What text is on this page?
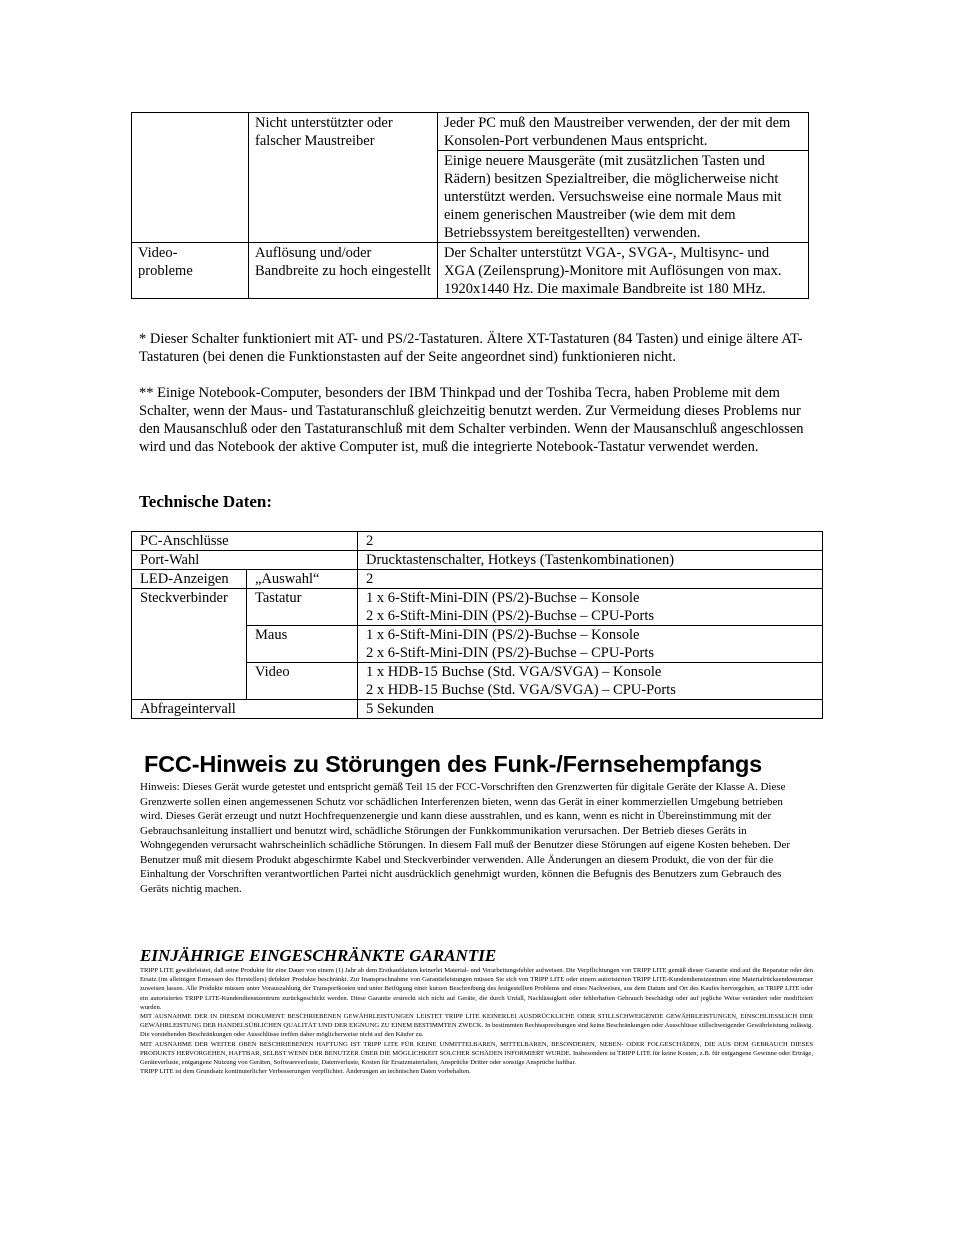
	Nicht unterstützter oder falscher Maustreiber	Jeder PC muß den Maustreiber verwenden, der der mit dem Konsolen-Port verbundenen Maus entspricht.
Einige neuere Mausgeräte (mit zusätzlichen Tasten und Rädern) besitzen Spezialtreiber, die möglicherweise nicht unterstützt werden. Versuchsweise eine normale Maus mit einem generischen Maustreiber (wie dem mit dem Betriebssystem bereitgestellten) verwenden.

Video-
probleme	Auflösung und/oder Bandbreite zu hoch eingestellt	Der Schalter unterstützt VGA-, SVGA-, Multisync- und XGA (Zeilensprung)-Monitore mit Auflösungen von max. 1920x1440 Hz. Die maximale Bandbreite ist 180 MHz.
* Dieser Schalter funktioniert mit AT- und PS/2-Tastaturen. Ältere XT-Tastaturen (84 Tasten) und einige ältere AT-Tastaturen (bei denen die Funktionstasten auf der Seite angeordnet sind) funktionieren nicht.
** Einige Notebook-Computer, besonders der IBM Thinkpad und der Toshiba Tecra, haben Probleme mit dem Schalter, wenn der Maus- und Tastaturanschluß gleichzeitig benutzt werden. Zur Vermeidung dieses Problems nur den Mausanschluß oder den Tastaturanschluß mit dem Schalter verbinden. Wenn der Mausanschluß angeschlossen wird und das Notebook der aktive Computer ist, muß die integrierte Notebook-Tastatur verwendet werden.
Technische Daten:
PC-Anschlüsse		2
Port-Wahl		Drucktastenschalter, Hotkeys (Tastenkombinationen)
LED-Anzeigen	„Auswahl“	2
Steckverbinder	Tastatur	1 x 6-Stift-Mini-DIN (PS/2)-Buchse – Konsole
2 x 6-Stift-Mini-DIN (PS/2)-Buchse – CPU-Ports

	Maus	1 x 6-Stift-Mini-DIN (PS/2)-Buchse – Konsole
2 x 6-Stift-Mini-DIN (PS/2)-Buchse – CPU-Ports

	Video	1 x HDB-15 Buchse (Std. VGA/SVGA) – Konsole
2 x HDB-15 Buchse (Std. VGA/SVGA) – CPU-Ports

Abfrageintervall		5 Sekunden
FCC-Hinweis zu Störungen des Funk-/Fernsehempfangs
Hinweis: Dieses Gerät wurde getestet und entspricht gemäß Teil 15 der FCC-Vorschriften den Grenzwerten für digitale Geräte der Klasse A. Diese Grenzwerte sollen einen angemessenen Schutz vor schädlichen Interferenzen bieten, wenn das Gerät in einer kommerziellen Umgebung betrieben wird. Dieses Gerät erzeugt und nutzt Hochfrequenzenergie und kann diese ausstrahlen, und es kann, wenn es nicht in Übereinstimmung mit der Gebrauchsanleitung installiert und benutzt wird, schädliche Störungen der Funkkommunikation verursachen. Der Betrieb dieses Geräts in Wohngegenden verursacht wahrscheinlich schädliche Störungen. In diesem Fall muß der Benutzer diese Störungen auf eigene Kosten beheben. Der Benutzer muß mit diesem Produkt abgeschirmte Kabel und Steckverbinder verwenden. Alle Änderungen an diesem Produkt, die von der für die Einhaltung der Vorschriften verantwortlichen Partei nicht ausdrücklich genehmigt wurden, können die Befugnis des Benutzers zum Gebrauch des Geräts nichtig machen.
EINJÄHRIGE EINGESCHRÄNKTE GARANTIE

TRIPP LITE gewährleistet, daß seine Produkte für eine Dauer von einem (1) Jahr ab dem Erstkaufdatum keinerlei Material- und Verarbeitungsfehler aufweisen. Die Verpflichtungen von TRIPP LITE gemäß dieser Garantie sind auf die Reparatur oder den Ersatz (im alleinigen Ermessen des Herstellers) defekter Produkte beschränkt. Zur Inanspruchnahme von Garantieleistungen müssen Sie sich von TRIPP LITE oder einem autorisierten TRIPP LITE-Kundendienstzentrum eine Materialrücksendenummer zuweisen lassen. Alle Produkte müssen unter Vorauszahlung der Transportkosten und unter Beifügung einer kurzen Beschreibung des festgestellten Problems und eines Nachweises, aus dem Datum und Ort des Kaufes hervorgehen, an TRIPP LITE oder ein autorisiertes TRIPP LITE-Kundendienstzentrum zurückgeschickt werden. Diese Garantie erstreckt sich nicht auf Geräte, die durch Unfall, Nachlässigkeit oder fehlerhaften Gebrauch beschädigt oder auf jegliche Weise verändert oder modifiziert wurden.

MIT AUSNAHME DER IN DIESEM DOKUMENT BESCHRIEBENEN GEWÄHRLEISTUNGEN LEISTET TRIPP LITE KEINERLEI AUSDRÜCKLICHE ODER STILLSCHWEIGENDE GEWÄHRLEISTUNGEN, EINSCHLIESSLICH DER GEWÄHRLEISTUNG DER HANDELSÜBLICHEN QUALITÄT UND DER EIGNUNG ZU EINEM BESTIMMTEN ZWECK. In bestimmten Rechtssprechungen sind keine Beschränkungen oder Ausschlüsse stillschweigender Gewährleistung zulässig. Die vorstehenden Beschränkungen oder Ausschlüsse treffen daher möglicherweise nicht auf den Käufer zu.

MIT AUSNAHME DER WEITER OBEN BESCHRIEBENEN HAFTUNG IST TRIPP LITE FÜR KEINE UNMITTELBAREN, MITTELBAREN, BESONDEREN, NEBEN- ODER FOLGESCHÄDEN, DIE AUS DEM GEBRAUCH DIESES PRODUKTS HERVORGEHEN, HAFTBAR, SELBST WENN DER BENUTZER ÜBER DIE MÖGLICHKEIT SOLCHER SCHÄDEN INFORMIERT WURDE. Insbesondere ist TRIPP LITE für keine Kosten, z.B. für entgangene Gewinne oder Erträge, Geräteverluste, entgangene Nutzung von Geräten, Softwareverluste, Datenverluste, Kosten für Ersatzmaterialien, Ansprüche Dritter oder sonstige Ansprüche haftbar.

TRIPP LITE ist dem Grundsatz kontinuierlicher Verbesserungen verpflichtet. Änderungen an technischen Daten vorbehalten.
